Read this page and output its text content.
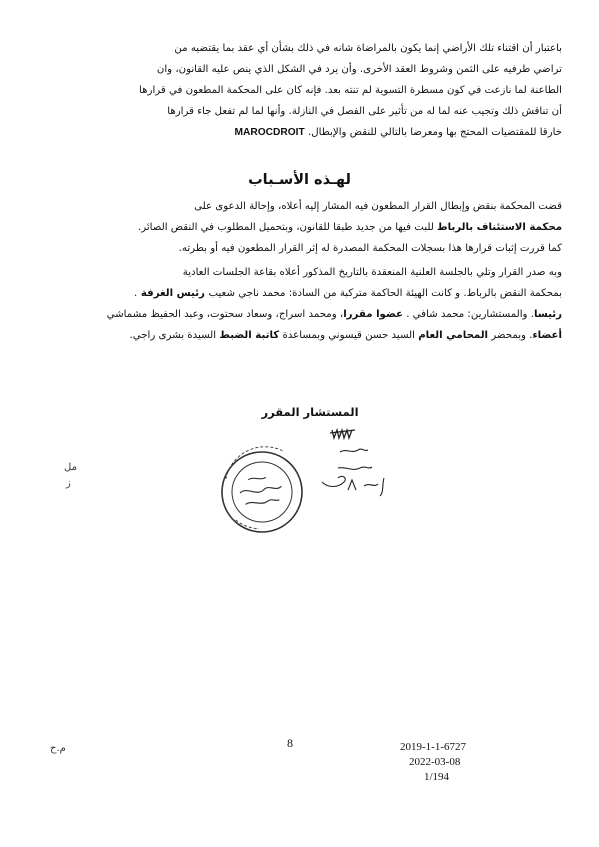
باعتبار أن اقتناء تلك الأراضي إنما يكون بالمراضاة شانه في ذلك بشأن أي عقد بما يقتضيه من
تراضي طرفيه على الثمن وشروط العقد الأخرى. وأن يرد في الشكل الذي ينص عليه القانون، وان
الطاعنة لما نازعت في كون مسطرة التسوية لم تنته بعد. فإنه كان على المحكمة المطعون في قرارها
أن تناقش ذلك وتجيب عنه لما له من تأثير على الفصل في النازلة. وأنها لما لم تفعل جاء قرارها
خارقا للمقتضيات المحتج بها ومعرضا بالتالي للنقض والإبطال. MAROCDROIT
لهـذه الأسـباب
قضت المحكمة بنقض وإبطال القرار المطعون فيه المشار إليه أعلاه، وإحالة الدعوى على
محكمة الاستئناف بالرباط للبت فيها من جديد طبقا للقانون، وبتحميل المطلوب في النقض الصائر.
كما قررت إثبات قرارها هذا بسجلات المحكمة المصدرة له إثر القرار المطعون فيه أو بطرته.
وبه صدر القرار وتلي بالجلسة العلنية المنعقدة بالتاريخ المذكور أعلاه بقاعة الجلسات العادية
بمحكمة النقض بالرباط. و كانت الهيئة الحاكمة متركبة من السادة: محمد ناجي شعيب رئيس الغرفة .
رئيسا. والمستشارين: محمد شافي . عضوا مقررا، ومحمد اسراج، وسعاد سحتوت، وعبد الحفيظ مشماشي
أعضاء. وبمحضر المحامي العام السيد حسن قيسوني وبمساعدة كاتبة الضبط السيدة بشرى راجي.
المستشار المقرر
مل
ز
8	2019-1-1-6727
2022-03-08
1/194
م.ح
